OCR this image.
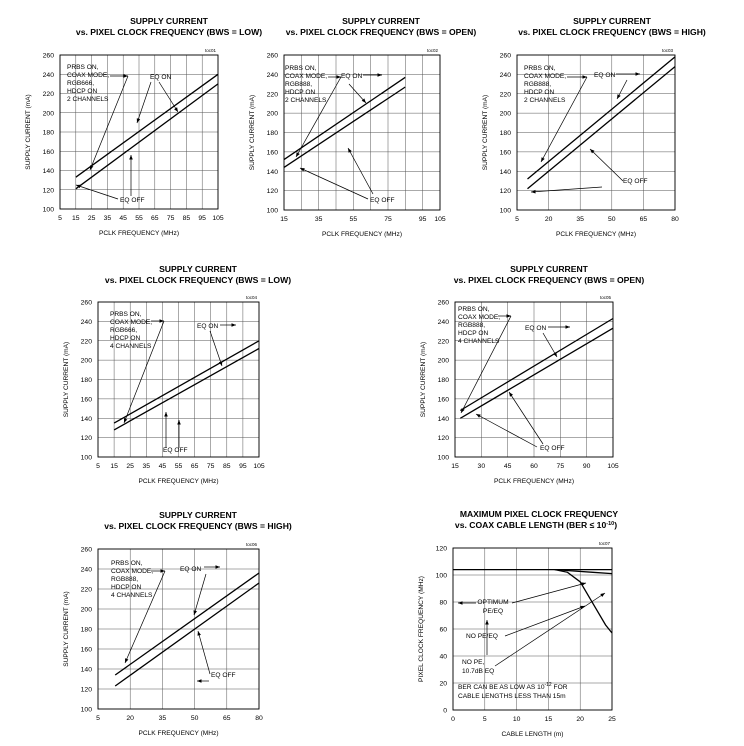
SUPPLY CURRENT
vs. PIXEL CLOCK FREQUENCY (BWS = LOW)
toc01
5 15 25 35 45 55 65 75 85 95 105
100
120
140
160
180
200
220
240
260
PCLK FREQUENCY (MHz)
SUPPLY CURRENT (mA)
PRBS ON,
COAX MODE,
RGB666,
HDCP ON
2 CHANNELS
EQ ON
EQ OFF
SUPPLY CURRENT
vs. PIXEL CLOCK FREQUENCY (BWS = OPEN)
toc02
15	35	55	75	95 105
100
120
140
160
180
200
220
240
260
PCLK FREQUENCY (MHz)
SUPPLY CURRENT (mA)
PRBS ON,
COAX MODE,
RGB888,
HDCP ON
2 CHANNELS
EQ ON
EQ OFF
SUPPLY CURRENT
vs. PIXEL CLOCK FREQUENCY (BWS = HIGH)
toc03
5	20	35	50	65	80
100
120
140
160
180
200
220
240
260
PCLK FREQUENCY (MHz)
SUPPLY CURRENT (mA)
PRBS ON,
COAX MODE,
RGB888,
HDCP ON
2 CHANNELS
EQ ON
EQ OFF
SUPPLY CURRENT
vs. PIXEL CLOCK FREQUENCY (BWS = LOW)
toc04
5 15 25 35 45 55 65 75 85 95 105
100
120
140
160
180
200
220
240
260
PCLK FREQUENCY (MHz)
SUPPLY CURRENT (mA)
PRBS ON,
COAX MODE,
RGB666,
HDCP ON
4 CHANNELS
EQ ON
EQ OFF
SUPPLY CURRENT
vs. PIXEL CLOCK FREQUENCY (BWS = OPEN)
toc05
15	30	45	60	75	90 105
100
120
140
160
180
200
220
240
260
PCLK FREQUENCY (MHz)
SUPPLY CURRENT (mA)
PRBS ON,
COAX MODE,
RGB888,
HDCP ON
4 CHANNELS
EQ ON
EQ OFF
SUPPLY CURRENT
vs. PIXEL CLOCK FREQUENCY (BWS = HIGH)
toc06
5	20	35	50	65	80
100
120
140
160
180
200
220
240
260
PCLK FREQUENCY (MHz)
SUPPLY CURRENT (mA)
PRBS ON,
COAX MODE,
RGB888,
HDCP ON
4 CHANNELS
EQ ON
EQ OFF
MAXIMUM PIXEL CLOCK FREQUENCY
vs. COAX CABLE LENGTH $(BER \le 10^{-10})$
toc07
0	5	10	15	20	25
0
20
40
60
80
100
120
CABLE LENGTH (m)
PIXEL CLOCK FREQUENCY (MHz)	OPTIMUM
PE/EQ
NO PE/EQ
NO PE,
10.7dB EQ
BER CAN BE AS LOW AS $10^{-12}$ FOR
CABLE LENGTHS LESS THAN 15m
